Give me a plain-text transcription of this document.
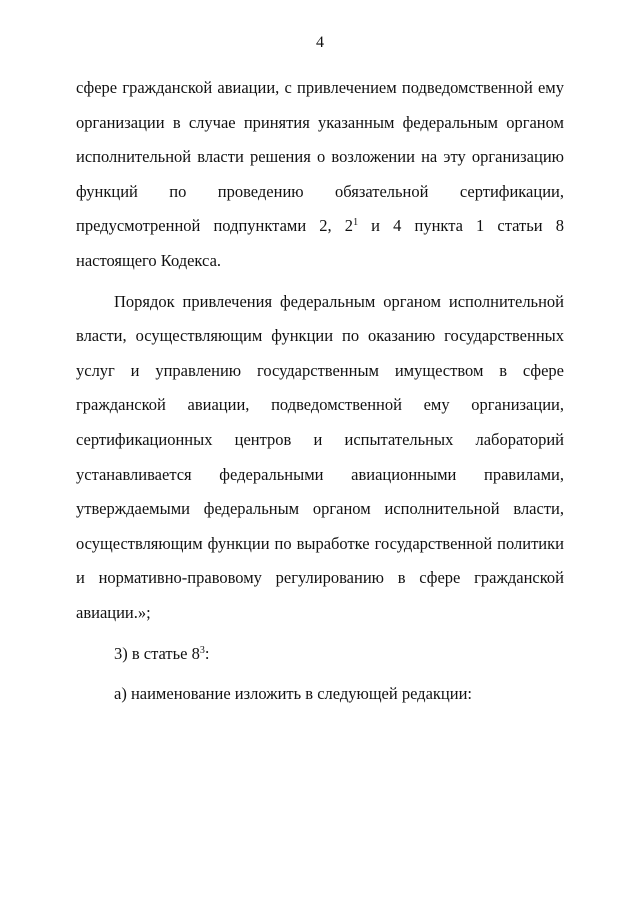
4

сфере гражданской авиации, с привлечением подведомственной ему организации в случае принятия указанным федеральным органом исполнительной власти решения о возложении на эту организацию функций по проведению обязательной сертификации, предусмотренной подпунктами 2, $2^1$ и 4 пункта 1 статьи 8 настоящего Кодекса.

Порядок привлечения федеральным органом исполнительной власти, осуществляющим функции по оказанию государственных услуг и управлению государственным имуществом в сфере гражданской авиации, подведомственной ему организации, сертификационных центров и испытательных лабораторий устанавливается федеральными авиационными правилами, утверждаемыми федеральным органом исполнительной власти, осуществляющим функции по выработке государственной политики и нормативно-правовому регулированию в сфере гражданской авиации.»;

3) в статье $8^3$:

а) наименование изложить в следующей редакции:
